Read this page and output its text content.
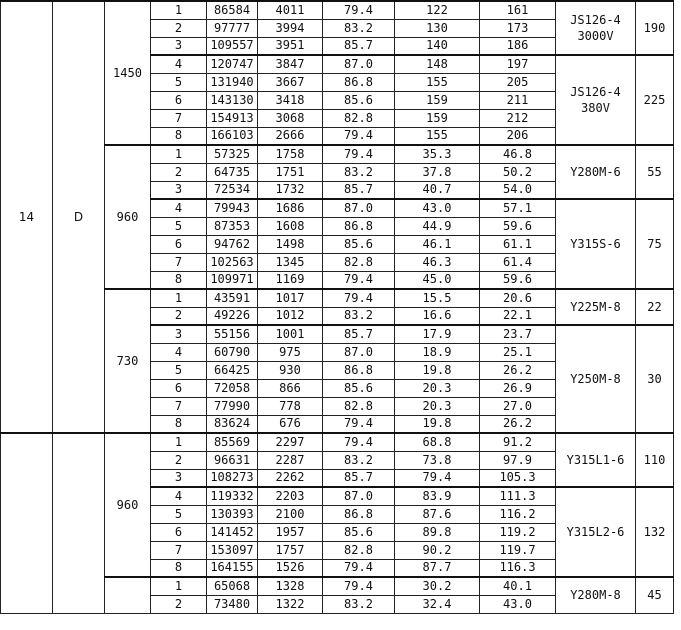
14	D	1450	1	86584	4011	79.4	122	161	JS126-4 3000V	190
			2	97777	3994	83.2	130	173		
			3	109557	3951	85.7	140	186		
			4	120747	3847	87.0	148	197	JS126-4 380V	225
			5	131940	3667	86.8	155	205		
			6	143130	3418	85.6	159	211		
			7	154913	3068	82.8	159	212		
			8	166103	2666	79.4	155	206		
		960	1	57325	1758	79.4	35.3	46.8	Y280M-6	55
			2	64735	1751	83.2	37.8	50.2		
			3	72534	1732	85.7	40.7	54.0		
			4	79943	1686	87.0	43.0	57.1	Y315S-6	75
			5	87353	1608	86.8	44.9	59.6		
			6	94762	1498	85.6	46.1	61.1		
			7	102563	1345	82.8	46.3	61.4		
			8	109971	1169	79.4	45.0	59.6		
		730	1	43591	1017	79.4	15.5	20.6	Y225M-8	22
			2	49226	1012	83.2	16.6	22.1		
			3	55156	1001	85.7	17.9	23.7	Y250M-8	30
			4	60790	975	87.0	18.9	25.1		
			5	66425	930	86.8	19.8	26.2		
			6	72058	866	85.6	20.3	26.9		
			7	77990	778	82.8	20.3	27.0		
			8	83624	676	79.4	19.8	26.2		
		960	1	85569	2297	79.4	68.8	91.2	Y315L1-6	110
			2	96631	2287	83.2	73.8	97.9		
			3	108273	2262	85.7	79.4	105.3		
			4	119332	2203	87.0	83.9	111.3	Y315L2-6	132
			5	130393	2100	86.8	87.6	116.2		
			6	141452	1957	85.6	89.8	119.2		
			7	153097	1757	82.8	90.2	119.7		
			8	164155	1526	79.4	87.7	116.3		
			1	65068	1328	79.4	30.2	40.1	Y280M-8	45
			2	73480	1322	83.2	32.4	43.0		
